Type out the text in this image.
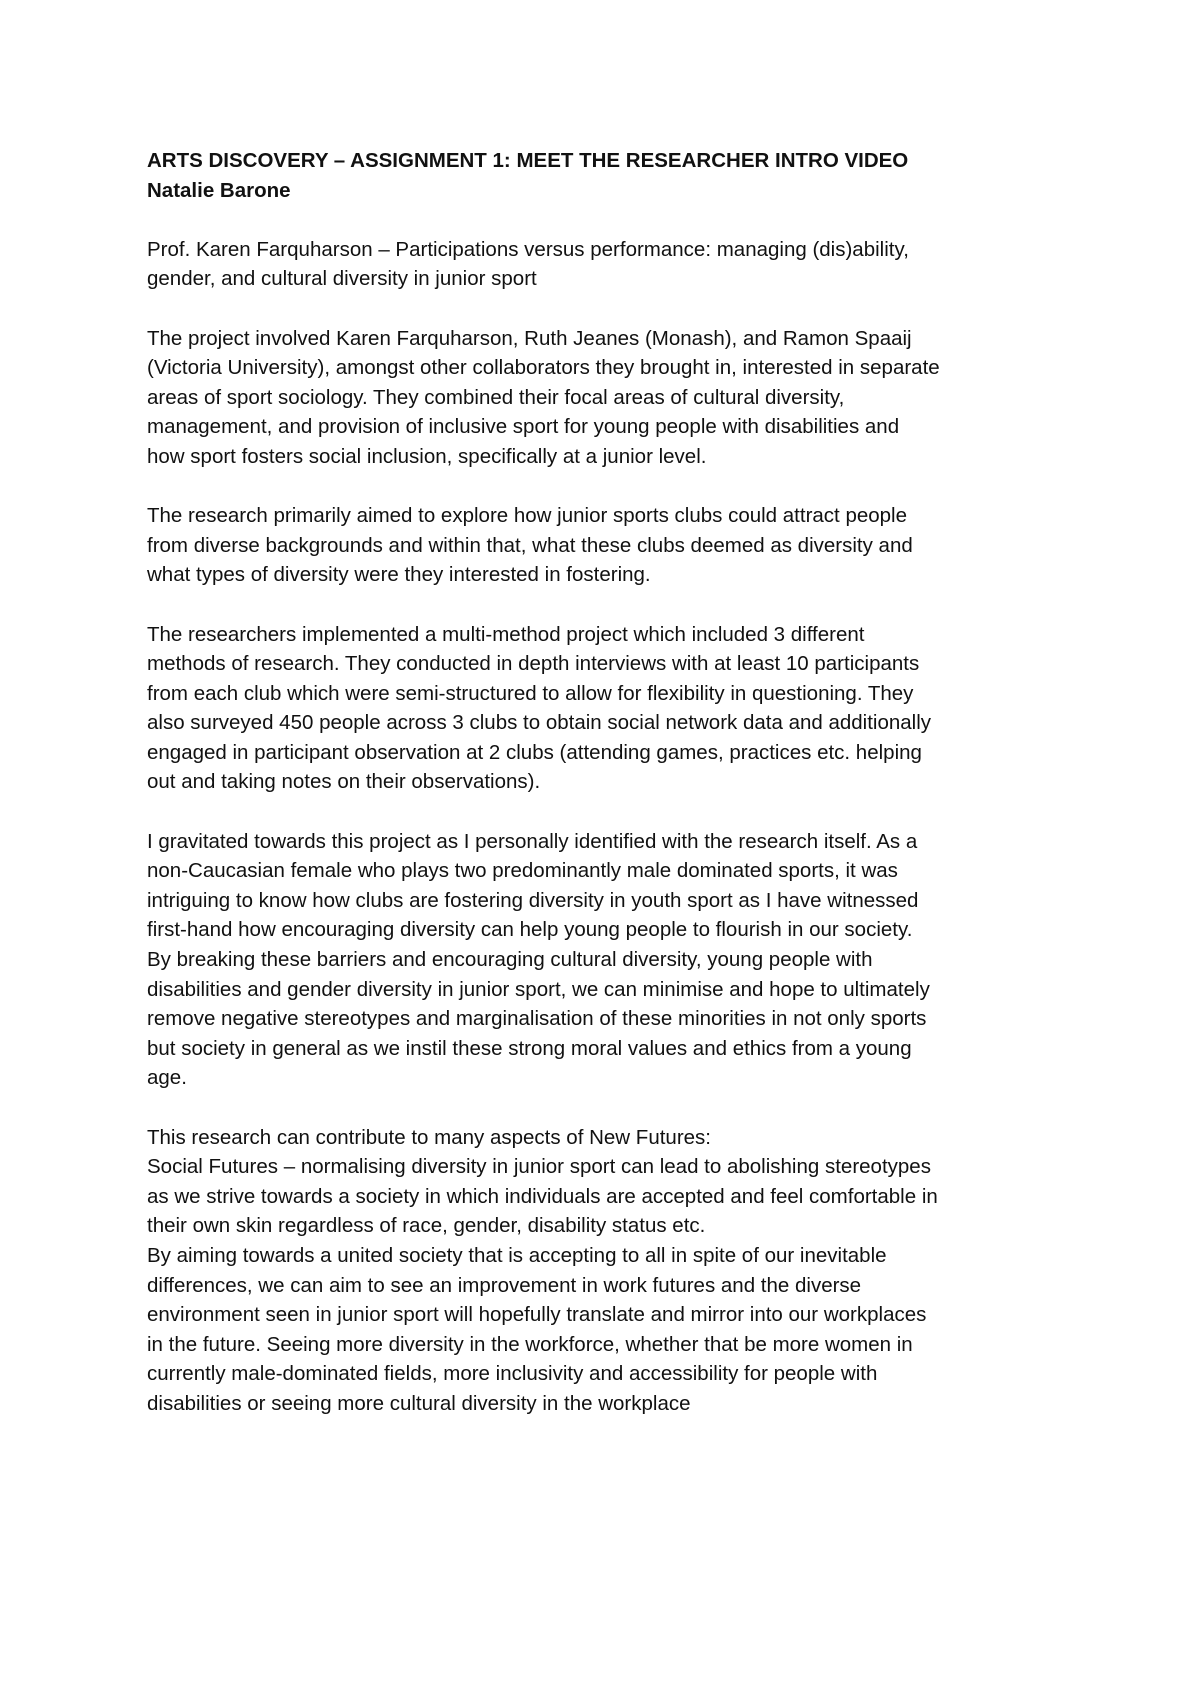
ARTS DISCOVERY – ASSIGNMENT 1: MEET THE RESEARCHER INTRO VIDEO
Natalie Barone
Prof. Karen Farquharson – Participations versus performance: managing (dis)ability,
gender, and cultural diversity in junior sport
The project involved Karen Farquharson, Ruth Jeanes (Monash), and Ramon Spaaij
(Victoria University), amongst other collaborators they brought in, interested in separate
areas of sport sociology. They combined their focal areas of cultural diversity,
management, and provision of inclusive sport for young people with disabilities and
how sport fosters social inclusion, specifically at a junior level.
The research primarily aimed to explore how junior sports clubs could attract people
from diverse backgrounds and within that, what these clubs deemed as diversity and
what types of diversity were they interested in fostering.
The researchers implemented a multi-method project which included 3 different
methods of research. They conducted in depth interviews with at least 10 participants
from each club which were semi-structured to allow for flexibility in questioning. They
also surveyed 450 people across 3 clubs to obtain social network data and additionally
engaged in participant observation at 2 clubs (attending games, practices etc. helping
out and taking notes on their observations).
I gravitated towards this project as I personally identified with the research itself. As a
non-Caucasian female who plays two predominantly male dominated sports, it was
intriguing to know how clubs are fostering diversity in youth sport as I have witnessed
first-hand how encouraging diversity can help young people to flourish in our society.
By breaking these barriers and encouraging cultural diversity, young people with
disabilities and gender diversity in junior sport, we can minimise and hope to ultimately
remove negative stereotypes and marginalisation of these minorities in not only sports
but society in general as we instil these strong moral values and ethics from a young
age.
This research can contribute to many aspects of New Futures:
Social Futures – normalising diversity in junior sport can lead to abolishing stereotypes
as we strive towards a society in which individuals are accepted and feel comfortable in
their own skin regardless of race, gender, disability status etc.
By aiming towards a united society that is accepting to all in spite of our inevitable
differences, we can aim to see an improvement in work futures and the diverse
environment seen in junior sport will hopefully translate and mirror into our workplaces
in the future. Seeing more diversity in the workforce, whether that be more women in
currently male-dominated fields, more inclusivity and accessibility for people with
disabilities or seeing more cultural diversity in the workplace
